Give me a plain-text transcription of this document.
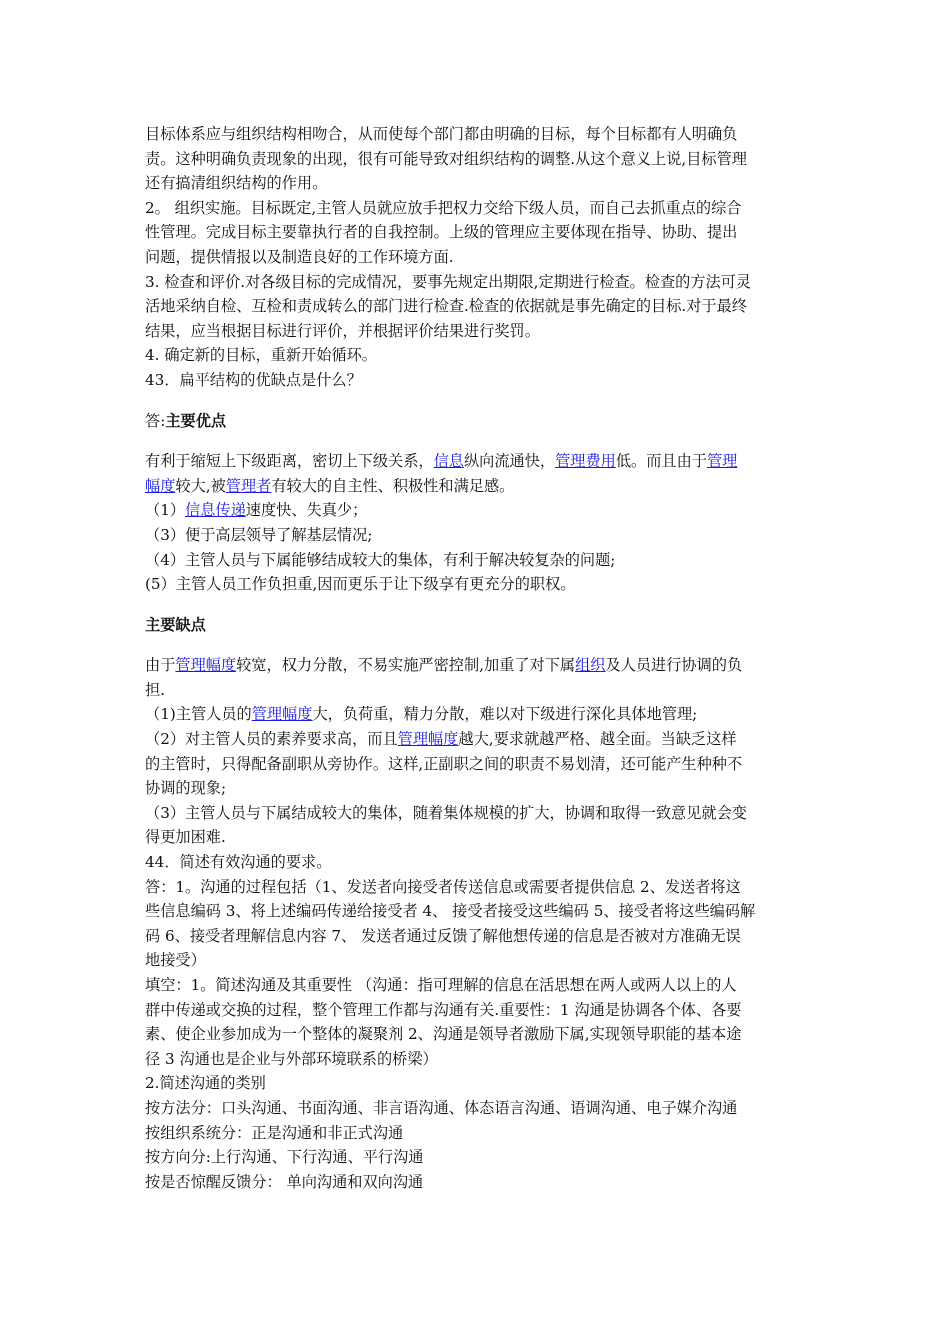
目标体系应与组织结构相吻合，从而使每个部门都由明确的目标，每个目标都有人明确负
责。这种明确负责现象的出现，很有可能导致对组织结构的调整.从这个意义上说,目标管理
还有搞清组织结构的作用。
2。 组织实施。目标既定,主管人员就应放手把权力交给下级人员，而自己去抓重点的综合
性管理。完成目标主要靠执行者的自我控制。上级的管理应主要体现在指导、协助、提出
问题，提供情报以及制造良好的工作环境方面.
3. 检查和评价.对各级目标的完成情况，要事先规定出期限,定期进行检查。检查的方法可灵
活地采纳自检、互检和责成转么的部门进行检查.检查的依据就是事先确定的目标.对于最终
结果，应当根据目标进行评价，并根据评价结果进行奖罚。
4. 确定新的目标，重新开始循环。
43．扁平结构的优缺点是什么？
答:主要优点
有利于缩短上下级距离，密切上下级关系，信息纵向流通快，管理费用低。而且由于管理
幅度较大,被管理者有较大的自主性、积极性和满足感。
（1）信息传递速度快、失真少；
（3）便于高层领导了解基层情况;
（4）主管人员与下属能够结成较大的集体，有利于解决较复杂的问题;
(5）主管人员工作负担重,因而更乐于让下级享有更充分的职权。
主要缺点
由于管理幅度较宽，权力分散，不易实施严密控制,加重了对下属组织及人员进行协调的负
担.
（1)主管人员的管理幅度大，负荷重，精力分散，难以对下级进行深化具体地管理;
（2）对主管人员的素养要求高，而且管理幅度越大,要求就越严格、越全面。当缺乏这样
的主管时，只得配备副职从旁协作。这样,正副职之间的职责不易划清，还可能产生种种不
协调的现象;
（3）主管人员与下属结成较大的集体，随着集体规模的扩大，协调和取得一致意见就会变
得更加困难.
44．简述有效沟通的要求。
答：1。沟通的过程包括（1、发送者向接受者传送信息或需要者提供信息 2、发送者将这
些信息编码 3、将上述编码传递给接受者 4、 接受者接受这些编码 5、接受者将这些编码解
码 6、接受者理解信息内容 7、 发送者通过反馈了解他想传递的信息是否被对方准确无误
地接受）
填空：1。简述沟通及其重要性 （沟通：指可理解的信息在活思想在两人或两人以上的人
群中传递或交换的过程，整个管理工作都与沟通有关.重要性：1 沟通是协调各个体、各要
素、使企业参加成为一个整体的凝聚剂 2、沟通是领导者激励下属,实现领导职能的基本途
径 3 沟通也是企业与外部环境联系的桥梁）
2.简述沟通的类别
按方法分：口头沟通、书面沟通、非言语沟通、体态语言沟通、语调沟通、电子媒介沟通
按组织系统分：正是沟通和非正式沟通
按方向分:上行沟通、下行沟通、平行沟通
按是否惊醒反馈分： 单向沟通和双向沟通
